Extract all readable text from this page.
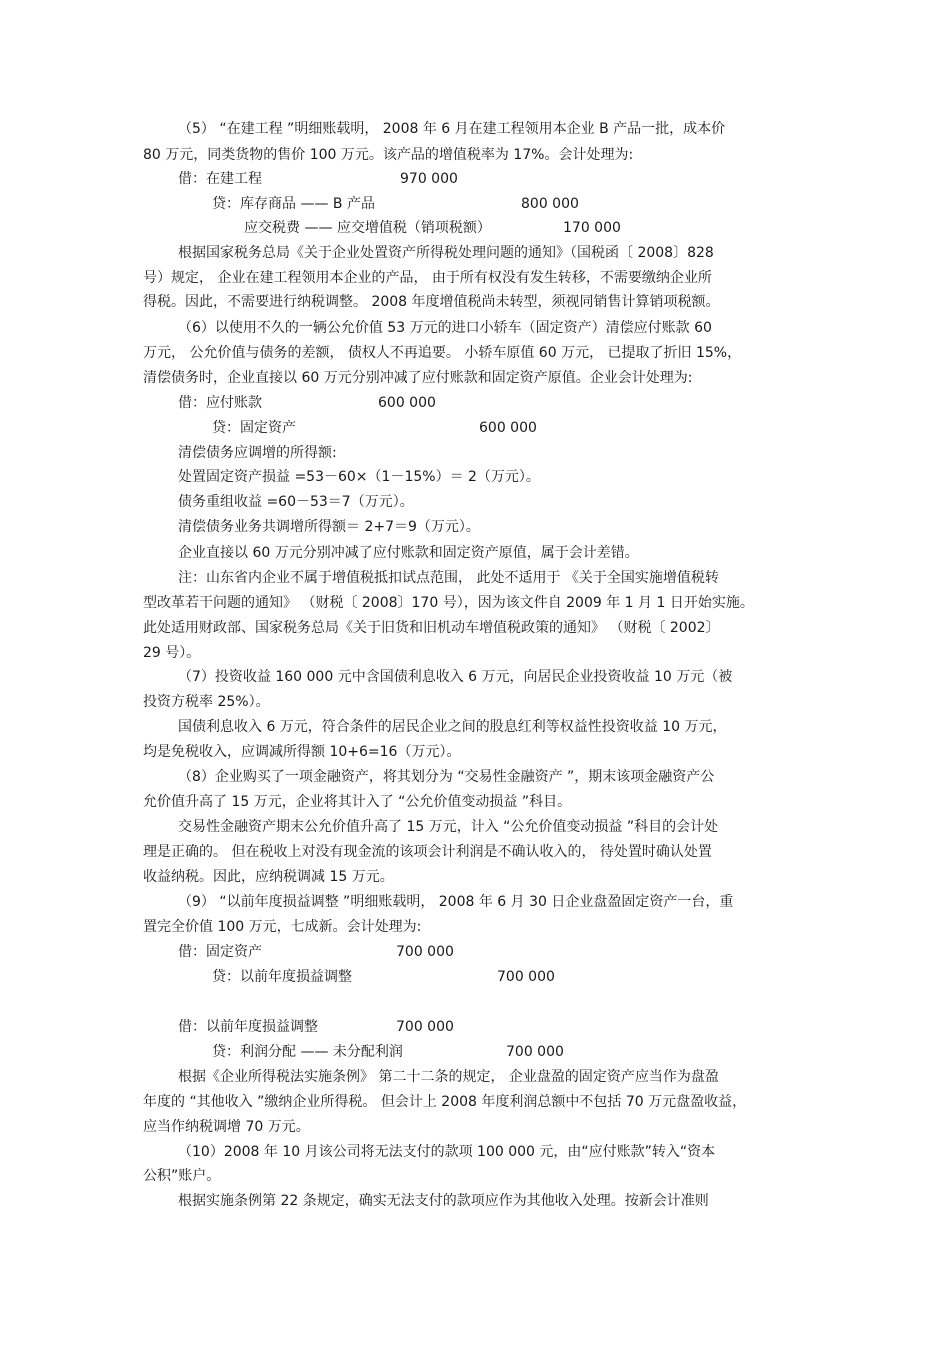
（5） “在建工程 ”明细账载明， 2008 年 6 月在建工程领用本企业 B 产品一批，成本价
80 万元，同类货物的售价 100 万元。该产品的增值税率为 17%。会计处理为:
借：在建工程	970 000
贷：库存商品 —— B 产品	800 000
应交税费 —— 应交增值税（销项税额）	170 000
根据国家税务总局《关于企业处置资产所得税处理问题的通知》（国税函〔 2008〕828
号）规定， 企业在建工程领用本企业的产品， 由于所有权没有发生转移，不需要缴纳企业所
得税。因此，不需要进行纳税调整。 2008 年度增值税尚未转型，须视同销售计算销项税额。
（6）以使用不久的一辆公允价值 53 万元的进口小轿车（固定资产）清偿应付账款 60
万元， 公允价值与债务的差额， 债权人不再追要。 小轿车原值 60 万元， 已提取了折旧 15%，
清偿债务时，企业直接以 60 万元分别冲减了应付账款和固定资产原值。企业会计处理为:
借：应付账款	600 000
贷：固定资产	600 000
清偿债务应调增的所得额:
处置固定资产损益 =53－60×（1－15%）＝ 2（万元）。
债务重组收益 =60－53＝7（万元）。
清偿债务业务共调增所得额＝ 2+7＝9（万元）。
企业直接以 60 万元分别冲减了应付账款和固定资产原值，属于会计差错。
注：山东省内企业不属于增值税抵扣试点范围， 此处不适用于 《关于全国实施增值税转
型改革若干问题的通知》 （财税〔 2008〕170 号），因为该文件自 2009 年 1 月 1 日开始实施。
此处适用财政部、国家税务总局《关于旧货和旧机动车增值税政策的通知》 （财税〔 2002〕
29 号）。
（7）投资收益 160 000 元中含国债利息收入 6 万元，向居民企业投资收益 10 万元（被
投资方税率 25%）。
国债利息收入 6 万元，符合条件的居民企业之间的股息红利等权益性投资收益 10 万元，
均是免税收入，应调减所得额 10+6=16（万元）。
（8）企业购买了一项金融资产，将其划分为 “交易性金融资产 ”，期末该项金融资产公
允价值升高了 15 万元，企业将其计入了 “公允价值变动损益 ”科目。
交易性金融资产期末公允价值升高了 15 万元，计入 “公允价值变动损益 ”科目的会计处
理是正确的。 但在税收上对没有现金流的该项会计利润是不确认收入的， 待处置时确认处置
收益纳税。因此，应纳税调减 15 万元。
（9） “以前年度损益调整 ”明细账载明， 2008 年 6 月 30 日企业盘盈固定资产一台，重
置完全价值 100 万元，七成新。会计处理为:
借：固定资产	700 000
贷：以前年度损益调整	700 000
借：以前年度损益调整	700 000
贷：利润分配 —— 未分配利润	700 000
根据《企业所得税法实施条例》 第二十二条的规定， 企业盘盈的固定资产应当作为盘盈
年度的 “其他收入 ”缴纳企业所得税。 但会计上 2008 年度利润总额中不包括 70 万元盘盈收益，
应当作纳税调增 70 万元。
（10）2008 年 10 月该公司将无法支付的款项 100 000 元，由“应付账款”转入“资本
公积”账户。
根据实施条例第 22 条规定，确实无法支付的款项应作为其他收入处理。按新会计准则
